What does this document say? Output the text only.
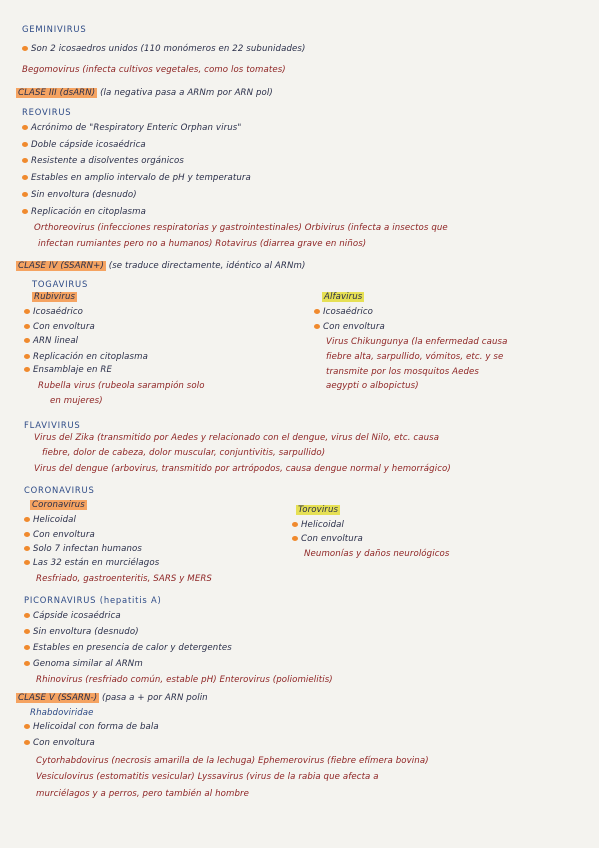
GEMINIVIRUS
Son 2 icosaedros unidos (110 monómeros en 22 subunidades)
Begomovirus (infecta cultivos vegetales, como los tomates)
CLASE III (dsARN) (la negativa pasa a ARNm por ARN pol)
REOVIRUS
Acrónimo de "Respiratory Enteric Orphan virus"
Doble cápside icosaédrica
Resistente a disolventes orgánicos
Estables en amplio intervalo de pH y temperatura
Sin envoltura (desnudo)
Replicación en citoplasma
Orthoreovirus (infecciones respiratorias y gastrointestinales) Orbivirus (infecta a insectos que
infectan rumiantes pero no a humanos) Rotavirus (diarrea grave en niños)
CLASE IV (SSARN+) (se traduce directamente, idéntico al ARNm)
TOGAVIRUS
Rubivirus
Icosaédrico
Con envoltura
ARN lineal
Replicación en citoplasma
Ensamblaje en RE
Rubella virus (rubeola sarampión solo
en mujeres)
Alfavirus
Icosaédrico
Con envoltura
Virus Chikungunya (la enfermedad causa
fiebre alta, sarpullido, vómitos, etc. y se
transmite por los mosquitos Aedes
aegypti o albopictus)
FLAVIVIRUS
Virus del Zika (transmitido por Aedes y relacionado con el dengue, virus del Nilo, etc. causa
fiebre, dolor de cabeza, dolor muscular, conjuntivitis, sarpullido)
Virus del dengue (arbovirus, transmitido por artrópodos, causa dengue normal y hemorrágico)
CORONAVIRUS
Coronavirus
Helicoidal
Con envoltura
Solo 7 infectan humanos
Las 32 están en murciélagos
Resfriado, gastroenteritis, SARS y MERS
Torovirus
Helicoidal
Con envoltura
Neumonías y daños neurológicos
PICORNAVIRUS (hepatitis A)
Cápside icosaédrica
Sin envoltura (desnudo)
Estables en presencia de calor y detergentes
Genoma similar al ARNm
Rhinovirus (resfriado común, estable pH) Enterovirus (poliomielitis)
CLASE V (SSARN-) (pasa a + por ARN polin
Rhabdoviridae
Helicoidal con forma de bala
Con envoltura
Cytorhabdovirus (necrosis amarilla de la lechuga) Ephemerovirus (fiebre efímera bovina)
Vesiculovirus (estomatitis vesicular) Lyssavirus (virus de la rabia que afecta a
murciélagos y a perros, pero también al hombre
